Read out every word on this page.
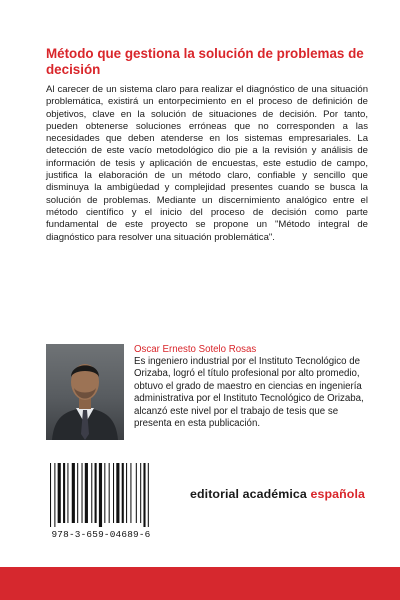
Método que gestiona la solución de problemas de decisión

Al carecer de un sistema claro para realizar el diagnóstico de una situación problemática, existirá un entorpecimiento en el proceso de definición de objetivos, clave en la solución de situaciones de decisión. Por tanto, pueden obtenerse soluciones erróneas que no corresponden a las necesidades que deben atenderse en los sistemas empresariales. La detección de este vacío metodológico dio pie a la revisión y análisis de información de tesis y aplicación de encuestas, este estudio de campo, justifica la elaboración de un método claro, confiable y sencillo que disminuya la ambigüedad y complejidad presentes cuando se busca la solución de problemas. Mediante un discernimiento analógico entre el método científico y el inicio del proceso de decisión como parte fundamental de este proyecto se propone un "Método integral de diagnóstico para resolver una situación problemática".

Oscar Ernesto Sotelo Rosas

Es ingeniero industrial por el Instituto Tecnológico de Orizaba, logró el título profesional por alto promedio, obtuvo el grado de maestro en ciencias en ingeniería administrativa por el Instituto Tecnológico de Orizaba, alcanzó este nivel por el trabajo de tesis que se presenta en esta publicación.

978-3-659-04689-6
editorial académica española
